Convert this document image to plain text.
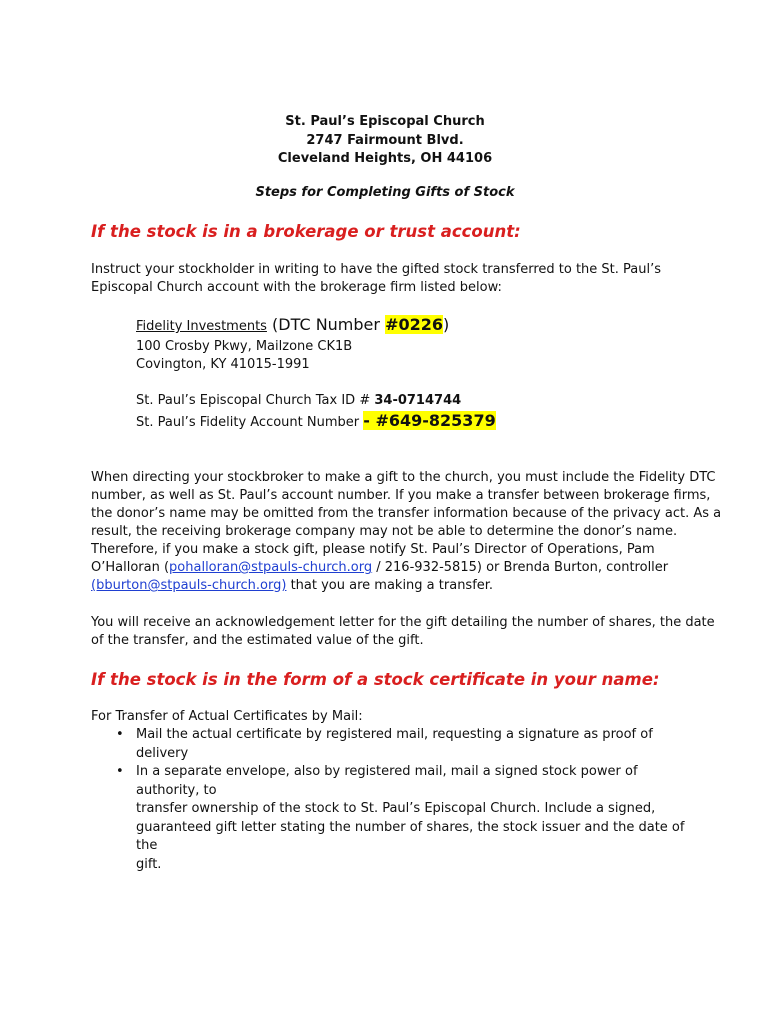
St. Paul’s Episcopal Church
2747 Fairmount Blvd.
Cleveland Heights, OH 44106
Steps for Completing Gifts of Stock
If the stock is in a brokerage or trust account:
Instruct your stockholder in writing to have the gifted stock transferred to the St. Paul’s
Episcopal Church account with the brokerage firm listed below:
Fidelity Investments (DTC Number #0226)
100 Crosby Pkwy, Mailzone CK1B
Covington, KY 41015-1991
St. Paul’s Episcopal Church Tax ID # 34-0714744
St. Paul’s Fidelity Account Number - #649-825379
When directing your stockbroker to make a gift to the church, you must include the Fidelity DTC
number, as well as St. Paul’s account number. If you make a transfer between brokerage firms,
the donor’s name may be omitted from the transfer information because of the privacy act. As a
result, the receiving brokerage company may not be able to determine the donor’s name.
Therefore, if you make a stock gift, please notify St. Paul’s Director of Operations, Pam
O’Halloran (pohalloran@stpauls-church.org / 216-932-5815) or Brenda Burton, controller
(bburton@stpauls-church.org) that you are making a transfer.
You will receive an acknowledgement letter for the gift detailing the number of shares, the date
of the transfer, and the estimated value of the gift.
If the stock is in the form of a stock certificate in your name:
For Transfer of Actual Certificates by Mail:
• Mail the actual certificate by registered mail, requesting a signature as proof of delivery
• In a separate envelope, also by registered mail, mail a signed stock power of authority, to
transfer ownership of the stock to St. Paul’s Episcopal Church. Include a signed,
guaranteed gift letter stating the number of shares, the stock issuer and the date of the
gift.
